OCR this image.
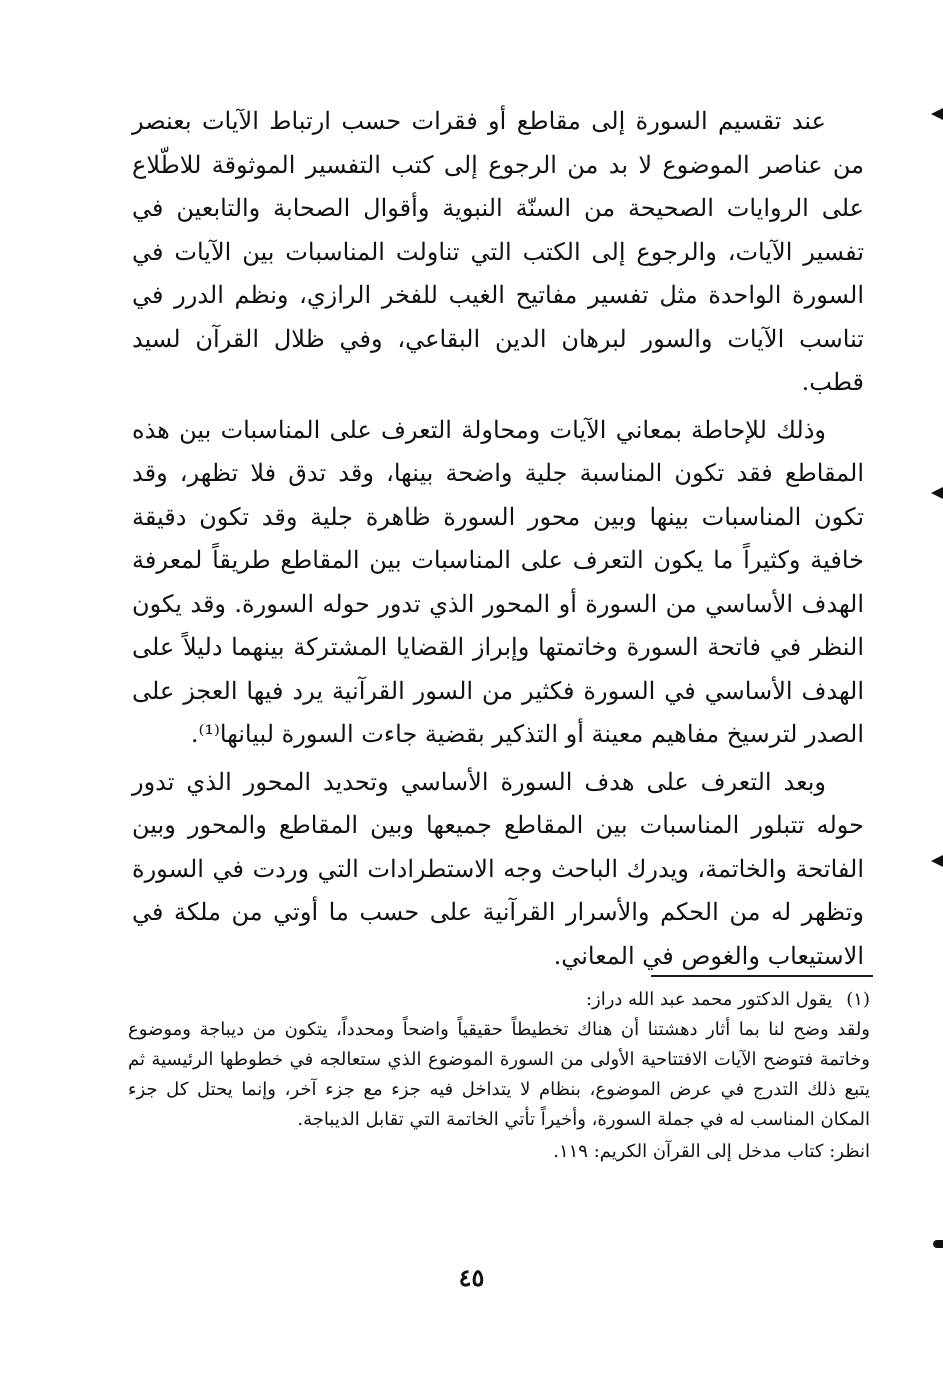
عند تقسيم السورة إلى مقاطع أو فقرات حسب ارتباط الآيات بعنصر من عناصر الموضوع لا بد من الرجوع إلى كتب التفسير الموثوقة للاطّلاع على الروايات الصحيحة من السنّة النبوية وأقوال الصحابة والتابعين في تفسير الآيات، والرجوع إلى الكتب التي تناولت المناسبات بين الآيات في السورة الواحدة مثل تفسير مفاتيح الغيب للفخر الرازي، ونظم الدرر في تناسب الآيات والسور لبرهان الدين البقاعي، وفي ظلال القرآن لسيد قطب.

وذلك للإحاطة بمعاني الآيات ومحاولة التعرف على المناسبات بين هذه المقاطع فقد تكون المناسبة جلية واضحة بينها، وقد تدق فلا تظهر، وقد تكون المناسبات بينها وبين محور السورة ظاهرة جلية وقد تكون دقيقة خافية وكثيراً ما يكون التعرف على المناسبات بين المقاطع طريقاً لمعرفة الهدف الأساسي من السورة أو المحور الذي تدور حوله السورة. وقد يكون النظر في فاتحة السورة وخاتمتها وإبراز القضايا المشتركة بينهما دليلاً على الهدف الأساسي في السورة فكثير من السور القرآنية يرد فيها العجز على الصدر لترسيخ مفاهيم معينة أو التذكير بقضية جاءت السورة لبيانها⁽¹⁾.

وبعد التعرف على هدف السورة الأساسي وتحديد المحور الذي تدور حوله تتبلور المناسبات بين المقاطع جميعها وبين المقاطع والمحور وبين الفاتحة والخاتمة، ويدرك الباحث وجه الاستطرادات التي وردت في السورة وتظهر له من الحكم والأسرار القرآنية على حسب ما أوتي من ملكة في الاستيعاب والغوص في المعاني.

(١)
يقول الدكتور محمد عبد الله دراز:

ولقد وضح لنا بما أثار دهشتنا أن هناك تخطيطاً حقيقياً واضحاً ومحدداً، يتكون من ديباجة وموضوع وخاتمة فتوضح الآيات الافتتاحية الأولى من السورة الموضوع الذي ستعالجه في خطوطها الرئيسية ثم يتبع ذلك التدرج في عرض الموضوع، بنظام لا يتداخل فيه جزء مع جزء آخر، وإنما يحتل كل جزء المكان المناسب له في جملة السورة، وأخيراً تأتي الخاتمة التي تقابل الديباجة.

انظر: كتاب مدخل إلى القرآن الكريم: ١١٩.

٤٥
